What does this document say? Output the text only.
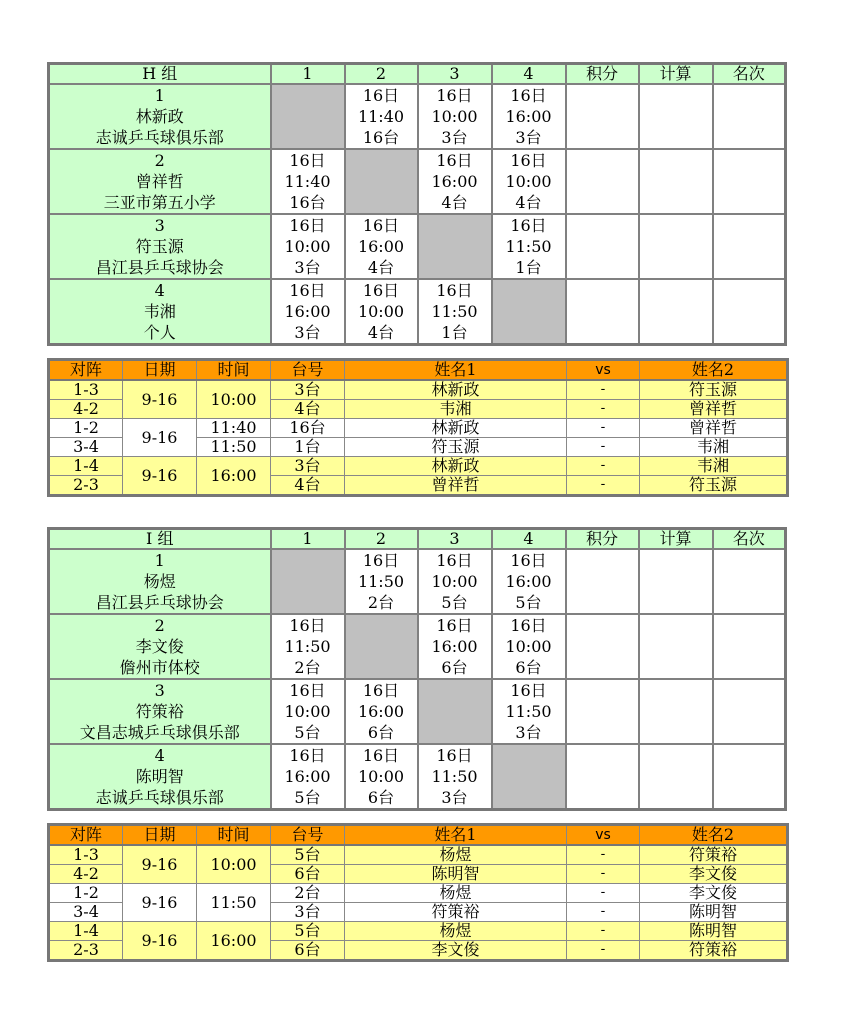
H 组	1	2	3	4	积分	计算	名次
1
林新政
志诚乒乓球俱乐部		16日
11:40
16台	16日
10:00
3台	16日
16:00
3台			
2
曾祥哲
三亚市第五小学	16日
11:40
16台		16日
16:00
4台	16日
10:00
4台			
3
符玉源
昌江县乒乓球协会	16日
10:00
3台	16日
16:00
4台		16日
11:50
1台			
4
韦湘
个人	16日
16:00
3台	16日
10:00
4台	16日
11:50
1台				
对阵	日期	时间	台号	姓名1	vs	姓名2
1-3	9-16	10:00	3台	林新政	-	符玉源
4-2			4台	韦湘	-	曾祥哲
1-2	9-16	11:40	16台	林新政	-	曾祥哲
3-4		11:50	1台	符玉源	-	韦湘
1-4	9-16	16:00	3台	林新政	-	韦湘
2-3			4台	曾祥哲	-	符玉源
I 组	1	2	3	4	积分	计算	名次
1
杨煜
昌江县乒乓球协会		16日
11:50
2台	16日
10:00
5台	16日
16:00
5台			
2
李文俊
儋州市体校	16日
11:50
2台		16日
16:00
6台	16日
10:00
6台			
3
符策裕
文昌志城乒乓球俱乐部	16日
10:00
5台	16日
16:00
6台		16日
11:50
3台			
4
陈明智
志诚乒乓球俱乐部	16日
16:00
5台	16日
10:00
6台	16日
11:50
3台				
对阵	日期	时间	台号	姓名1	vs	姓名2
1-3	9-16	10:00	5台	杨煜	-	符策裕
4-2			6台	陈明智	-	李文俊
1-2	9-16	11:50	2台	杨煜	-	李文俊
3-4			3台	符策裕	-	陈明智
1-4	9-16	16:00	5台	杨煜	-	陈明智
2-3			6台	李文俊	-	符策裕
